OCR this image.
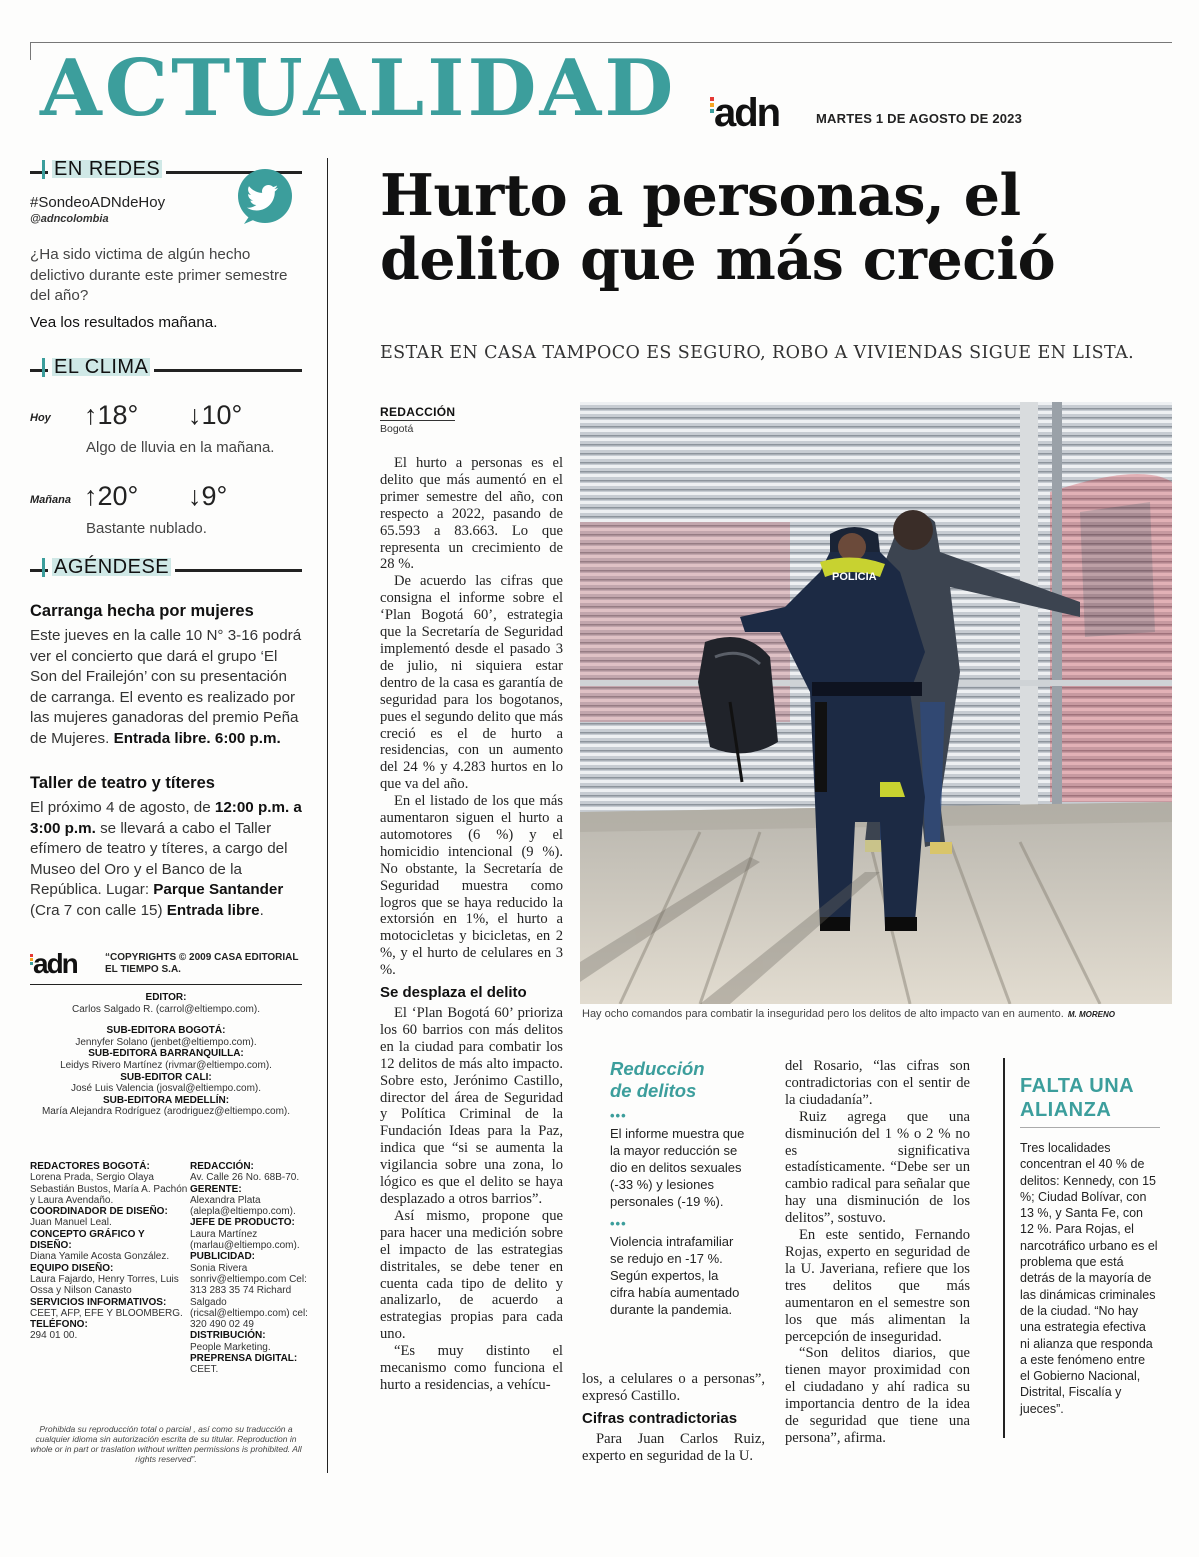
ACTUALIDAD adn	MARTES 1 DE AGOSTO DE 2023
EN REDES
#SondeoADNdeHoy
@adncolombia
¿Ha sido victima de algún hecho delictivo durante este primer semestre del año?
Vea los resultados mañana.
EL CLIMA
Hoy ↑18° ↓10°
Algo de lluvia en la mañana.
Mañana ↑20° ↓9°
Bastante nublado.
AGÉNDESE
Carranga hecha por mujeres
Este jueves en la calle 10 N° 3-16 podrá ver el concierto que dará el grupo ‘El Son del Frailejón’ con su presentación de carranga. El evento es realizado por las mujeres ganadoras del premio Peña de Mujeres. Entrada libre. 6:00 p.m.
Taller de teatro y títeres
El próximo 4 de agosto, de 12:00 p.m. a 3:00 p.m. se llevará a cabo el Taller efímero de teatro y títeres, a cargo del Museo del Oro y el Banco de la República. Lugar: Parque Santander (Cra 7 con calle 15) Entrada libre.
adn	“COPYRIGHTS © 2009 CASA EDITORIAL EL TIEMPO S.A.
EDITOR:
Carlos Salgado R. (carrol@eltiempo.com).
SUB-EDITORA BOGOTÁ:
Jennyfer Solano (jenbet@eltiempo.com).
SUB-EDITORA BARRANQUILLA:
Leidys Rivero Martínez (rivmar@eltiempo.com).
SUB-EDITOR CALI:
José Luis Valencia (josval@eltiempo.com).
SUB-EDITORA MEDELLÍN:
María Alejandra Rodríguez (arodriguez@eltiempo.com).
REDACTORES BOGOTÁ:
Lorena Prada, Sergio Olaya Sebastián Bustos, María A. Pachón y Laura Avendaño.
COORDINADOR DE DISEÑO:
Juan Manuel Leal.
CONCEPTO GRÁFICO Y DISEÑO:
Diana Yamile Acosta González.
EQUIPO DISEÑO:
Laura Fajardo, Henry Torres, Luis Ossa y Nilson Canasto
SERVICIOS INFORMATIVOS:
CEET, AFP, EFE Y BLOOMBERG.
TELÉFONO:
294 01 00.
REDACCIÓN:
Av. Calle 26 No. 68B-70.
GERENTE:
Alexandra Plata (alepla@eltiempo.com).
JEFE DE PRODUCTO:
Laura Martínez (marlau@eltiempo.com).
PUBLICIDAD:
Sonia Rivera sonriv@eltiempo.com Cel: 313 283 35 74 Richard Salgado (ricsal@eltiempo.com) cel: 320 490 02 49
DISTRIBUCIÓN:
People Marketing.
PREPRENSA DIGITAL:
CEET.
Prohibida su reproducción total o parcial , así como su traducción a cualquier idioma sin autorización escrita de su titular. Reproduction in whole or in part or traslation without written permissions is prohibited. All rights reserved”.
Hurto a personas, el delito que más creció
ESTAR EN CASA TAMPOCO ES SEGURO, ROBO A VIVIENDAS SIGUE EN LISTA.
REDACCIÓN
Bogotá

El hurto a personas es el delito que más aumentó en el primer semestre del año, con respecto a 2022, pasando de 65.593 a 83.663. Lo que representa un crecimiento de 28 %.

De acuerdo las cifras que consigna el informe sobre el ‘Plan Bogotá 60’, estrategia que la Secretaría de Seguridad implementó desde el pasado 3 de julio, ni siquiera estar dentro de la casa es garantía de seguridad para los bogotanos, pues el segundo delito que más creció es el de hurto a residencias, con un aumento del 24 % y 4.283 hurtos en lo que va del año.

En el listado de los que más aumentaron siguen el hurto a automotores (6 %) y el homicidio intencional (9 %). No obstante, la Secretaría de Seguridad muestra como logros que se haya reducido la extorsión en 1%, el hurto a motocicletas y bicicletas, en 2 %, y el hurto de celulares en 3 %.

Se desplaza el delito

El ‘Plan Bogotá 60’ prioriza los 60 barrios con más delitos en la ciudad para combatir los 12 delitos de más alto impacto. Sobre esto, Jerónimo Castillo, director del área de Seguridad y Política Criminal de la Fundación Ideas para la Paz, indica que “si se aumenta la vigilancia sobre una zona, lo lógico es que el delito se haya desplazado a otros barrios”.

Así mismo, propone que para hacer una medición sobre el impacto de las estrategias distritales, se debe tener en cuenta cada tipo de delito y analizarlo, de acuerdo a estrategias propias para cada uno.

“Es muy distinto el mecanismo como funciona el hurto a residencias, a vehícu-

POLICIA
Hay ocho comandos para combatir la inseguridad pero los delitos de alto impacto van en aumento. M. MORENO
Reducción de delitos
•••
El informe muestra que la mayor reducción se dio en delitos sexuales (-33 %) y lesiones personales (-19 %).
•••
Violencia intrafamiliar se redujo en -17 %. Según expertos, la cifra había aumentado durante la pandemia.

los, a celulares o a personas”, expresó Castillo.

Cifras contradictorias

Para Juan Carlos Ruiz, experto en seguridad de la U.

del Rosario, “las cifras son contradictorias con el sentir de la ciudadanía”.

Ruiz agrega que una disminución del 1 % o 2 % no es significativa estadísticamente. “Debe ser un cambio radical para señalar que hay una disminución de los delitos”, sostuvo.

En este sentido, Fernando Rojas, experto en seguridad de la U. Javeriana, refiere que los tres delitos que más aumentaron en el semestre son los que más alimentan la percepción de inseguridad.

“Son delitos diarios, que tienen mayor proximidad con el ciudadano y ahí radica su importancia dentro de la idea de seguridad que tiene una persona”, afirma.

FALTA UNA ALIANZA
Tres localidades concentran el 40 % de delitos: Kennedy, con 15 %; Ciudad Bolívar, con 13 %, y Santa Fe, con 12 %. Para Rojas, el narcotráfico urbano es el problema que está detrás de la mayoría de las dinámicas criminales de la ciudad. “No hay una estrategia efectiva ni alianza que responda a este fenómeno entre el Gobierno Nacional, Distrital, Fiscalía y jueces”.
